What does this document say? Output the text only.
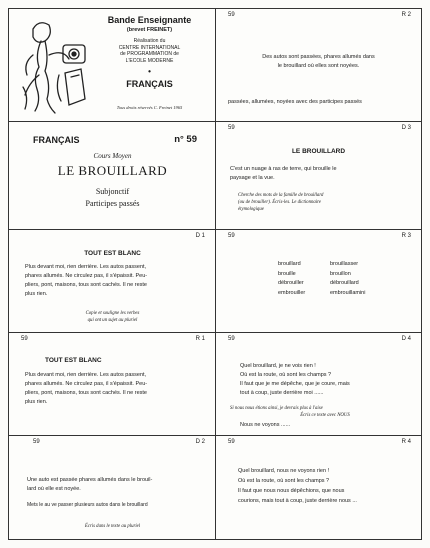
Bande Enseignante
(brevet FREINET)
Réalisation du
CENTRE INTERNATIONAL
de PROGRAMMATION de
L'ECOLE MODERNE
•
FRANÇAIS
Tous droits réservés C. Freinet 1965
59	R 2
Des autos sont passées, phares allumés dans
le brouillard où elles sont noyées.
passées, allumées, noyées avec des participes passés
FRANÇAIS	n° 59
Cours Moyen
LE BROUILLARD
Subjonctif
Participes passés
59	D 3
LE BROUILLARD
C'est un nuage à ras de terre, qui brouille le
paysage et la vue.
Cherche des mots de la famille de brouillard
(ou de brouiller). Écris-les. Le dictionnaire
étymologique
D 1
TOUT EST BLANC
Plus devant moi, rien derrière. Les autos passent,
phares allumés. Ne circulez pas, il s'épaissit. Peu-
pliers, pont, maisons, tous sont cachés. Il ne reste
plus rien.
Copie et souligne les verbes
qui ont un sujet au pluriel
59	R 3
brouillard
brouille
débrouiller
embrouiller
brouillasser
brouillon
débrouillard
embrouillamini
59	R 1
TOUT EST BLANC
Plus devant moi, rien derrière. Les autos passent,
phares allumés. Ne circulez pas, il s'épaissit. Peu-
pliers, pont, maisons, tous sont cachés. Il ne reste
plus rien.
59	D 4
Quel brouillard, je ne vois rien !
Où est la route, où sont les champs ?
Il faut que je me dépêche, que je coure, mais
tout à coup, juste derrière moi ......
Si nous nous étions ainsi, je devrais plus à l'aise
Écris ce texte avec NOUS
Nous ne voyons ......
59	D 2
Une auto est passée phares allumés dans le brouil-
lard où elle est noyée.
Mets le au ve passer plusieurs autos dans le brouillard
Écris dans le texte au pluriel
59	R 4
Quel brouillard, nous ne voyons rien !
Où est la route, où sont les champs ?
Il faut que nous nous dépêchions, que nous
courions, mais tout à coup, juste derrière nous ...
